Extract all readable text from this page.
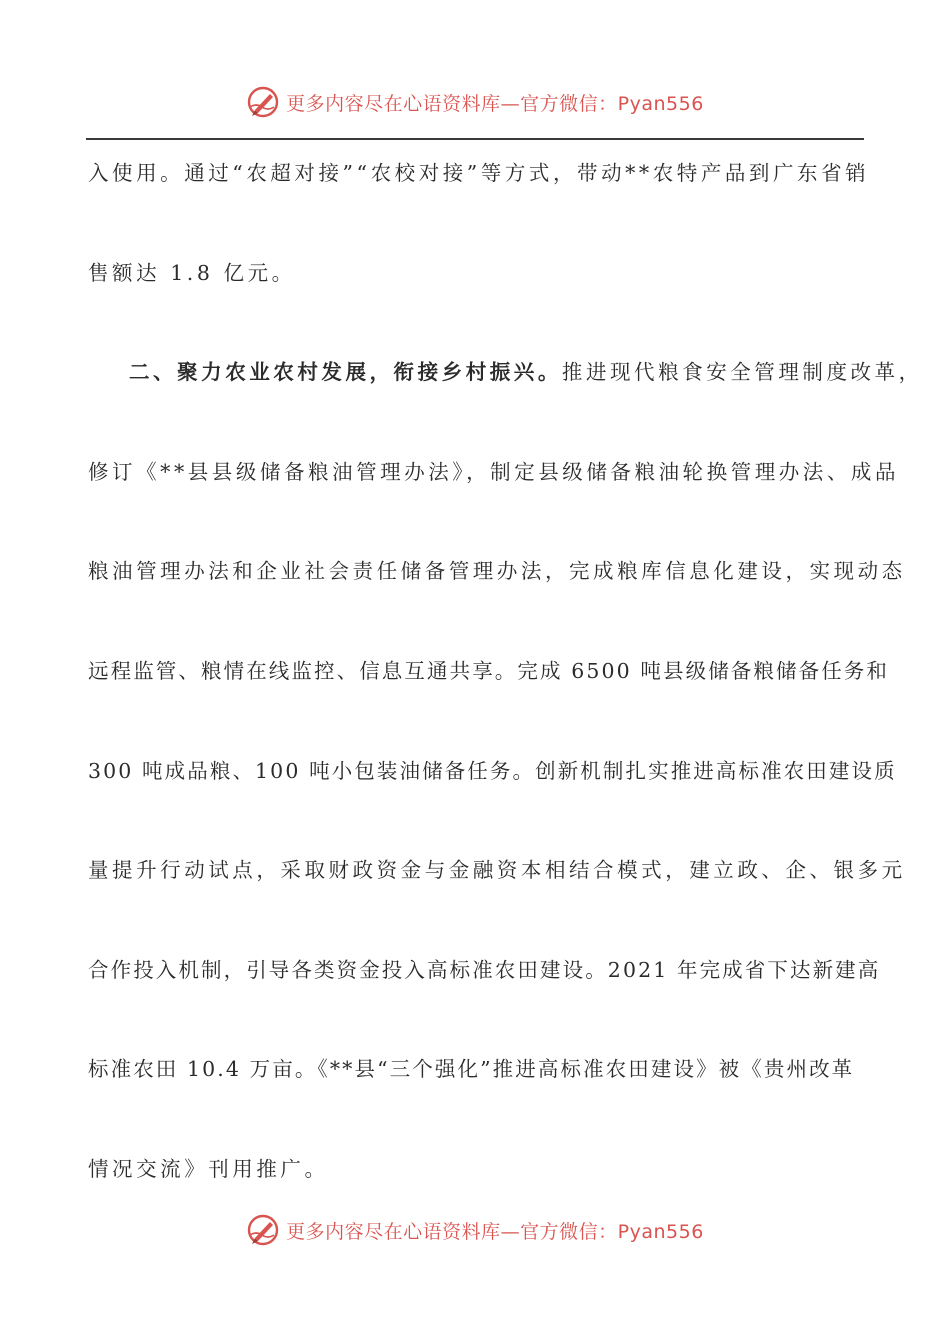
更多内容尽在心语资料库—官方微信：Pyan556
入使用。通过“农超对接”“农校对接”等方式，带动**农特产品到广东省销
售额达 1.8 亿元。
二、聚力农业农村发展，衔接乡村振兴。推进现代粮食安全管理制度改革，
修订《**县县级储备粮油管理办法》，制定县级储备粮油轮换管理办法、成品
粮油管理办法和企业社会责任储备管理办法，完成粮库信息化建设，实现动态
远程监管、粮情在线监控、信息互通共享。完成 6500 吨县级储备粮储备任务和
300 吨成品粮、100 吨小包装油储备任务。创新机制扎实推进高标准农田建设质
量提升行动试点，采取财政资金与金融资本相结合模式，建立政、企、银多元
合作投入机制，引导各类资金投入高标准农田建设。2021 年完成省下达新建高
标准农田 10.4 万亩。《**县“三个强化”推进高标准农田建设》被《贵州改革
情况交流》刊用推广。
更多内容尽在心语资料库—官方微信：Pyan556
